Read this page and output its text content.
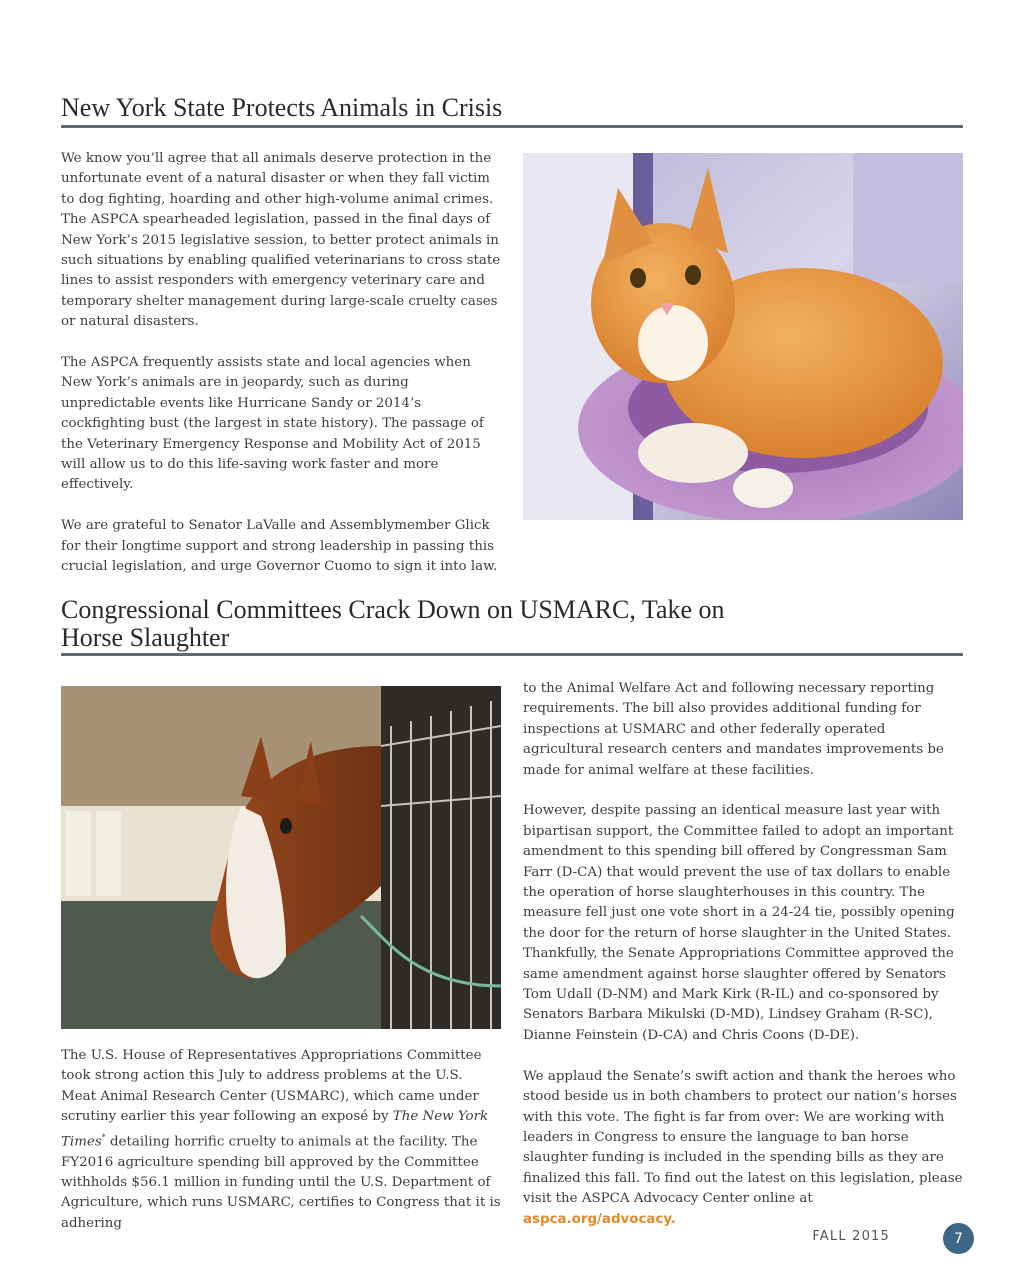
New York State Protects Animals in Crisis

We know you’ll agree that all animals deserve protection in the unfortunate event of a natural disaster or when they fall victim to dog fighting, hoarding and other high-volume animal crimes. The ASPCA spearheaded legislation, passed in the final days of New York’s 2015 legislative session, to better protect animals in such situations by enabling qualified veterinarians to cross state lines to assist responders with emergency veterinary care and temporary shelter management during large-scale cruelty cases or natural disasters.

The ASPCA frequently assists state and local agencies when New York’s animals are in jeopardy, such as during unpredictable events like Hurricane Sandy or 2014’s cockfighting bust (the largest in state history). The passage of the Veterinary Emergency Response and Mobility Act of 2015 will allow us to do this life-saving work faster and more effectively.

We are grateful to Senator LaValle and Assemblymember Glick for their longtime support and strong leadership in passing this crucial legislation, and urge Governor Cuomo to sign it into law.

Congressional Committees Crack Down on USMARC, Take on
Horse Slaughter

The U.S. House of Representatives Appropriations Committee took strong action this July to address problems at the U.S. Meat Animal Research Center (USMARC), which came under scrutiny earlier this year following an exposé by The New York Times* detailing horrific cruelty to animals at the facility. The FY2016 agriculture spending bill approved by the Committee withholds $56.1 million in funding until the U.S. Department of Agriculture, which runs USMARC, certifies to Congress that it is adhering

to the Animal Welfare Act and following necessary reporting requirements. The bill also provides additional funding for inspections at USMARC and other federally operated agricultural research centers and mandates improvements be made for animal welfare at these facilities.

However, despite passing an identical measure last year with bipartisan support, the Committee failed to adopt an important amendment to this spending bill offered by Congressman Sam Farr (D-CA) that would prevent the use of tax dollars to enable the operation of horse slaughterhouses in this country. The measure fell just one vote short in a 24-24 tie, possibly opening the door for the return of horse slaughter in the United States. Thankfully, the Senate Appropriations Committee approved the same amendment against horse slaughter offered by Senators Tom Udall (D-NM) and Mark Kirk (R-IL) and co-sponsored by Senators Barbara Mikulski (D-MD), Lindsey Graham (R-SC), Dianne Feinstein (D-CA) and Chris Coons (D-DE).

We applaud the Senate’s swift action and thank the heroes who stood beside us in both chambers to protect our nation’s horses with this vote. The fight is far from over: We are working with leaders in Congress to ensure the language to ban horse slaughter funding is included in the spending bills as they are finalized this fall. To find out the latest on this legislation, please visit the ASPCA Advocacy Center online at aspca.org/advocacy.

FALL 2015	7
